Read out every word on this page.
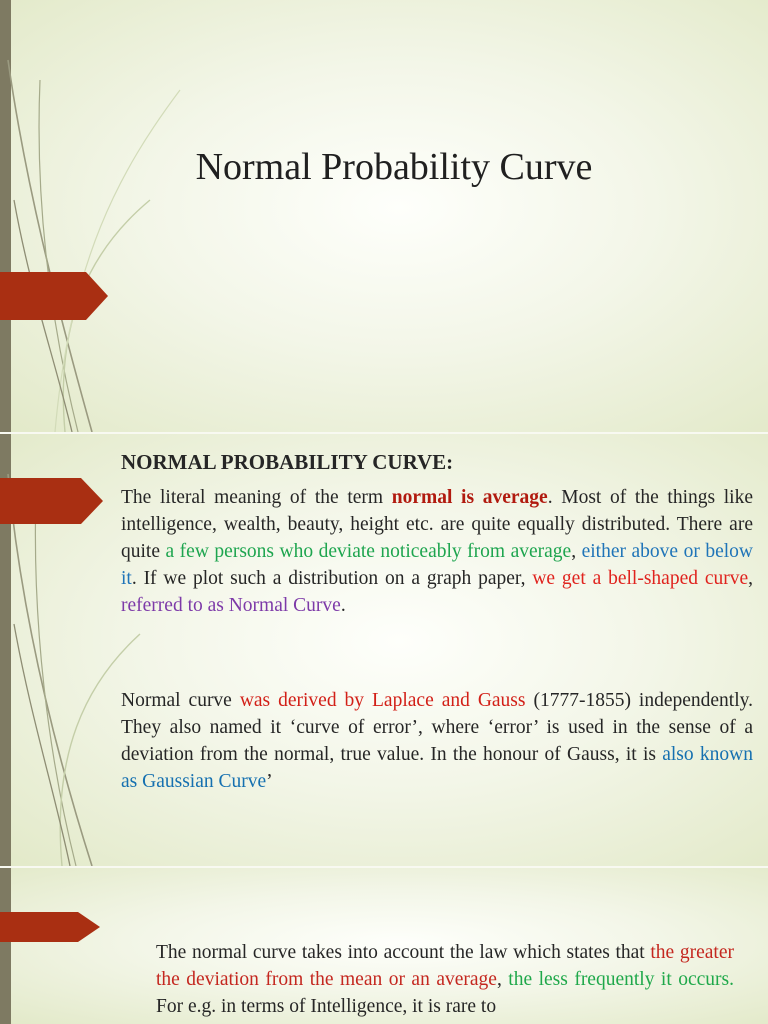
Normal Probability Curve
NORMAL PROBABILITY CURVE:

The literal meaning of the term normal is average. Most of the things like intelligence, wealth, beauty, height etc. are quite equally distributed. There are quite a few persons who deviate noticeably from average, either above or below it. If we plot such a distribution on a graph paper, we get a bell-shaped curve, referred to as Normal Curve.

Normal curve was derived by Laplace and Gauss (1777-1855) independently. They also named it ‘curve of error’, where ‘error’ is used in the sense of a deviation from the normal, true value. In the honour of Gauss, it is also known as Gaussian Curve’

The normal curve takes into account the law which states that the greater the deviation from the mean or an average, the less frequently it occurs. For e.g. in terms of Intelligence, it is rare to
